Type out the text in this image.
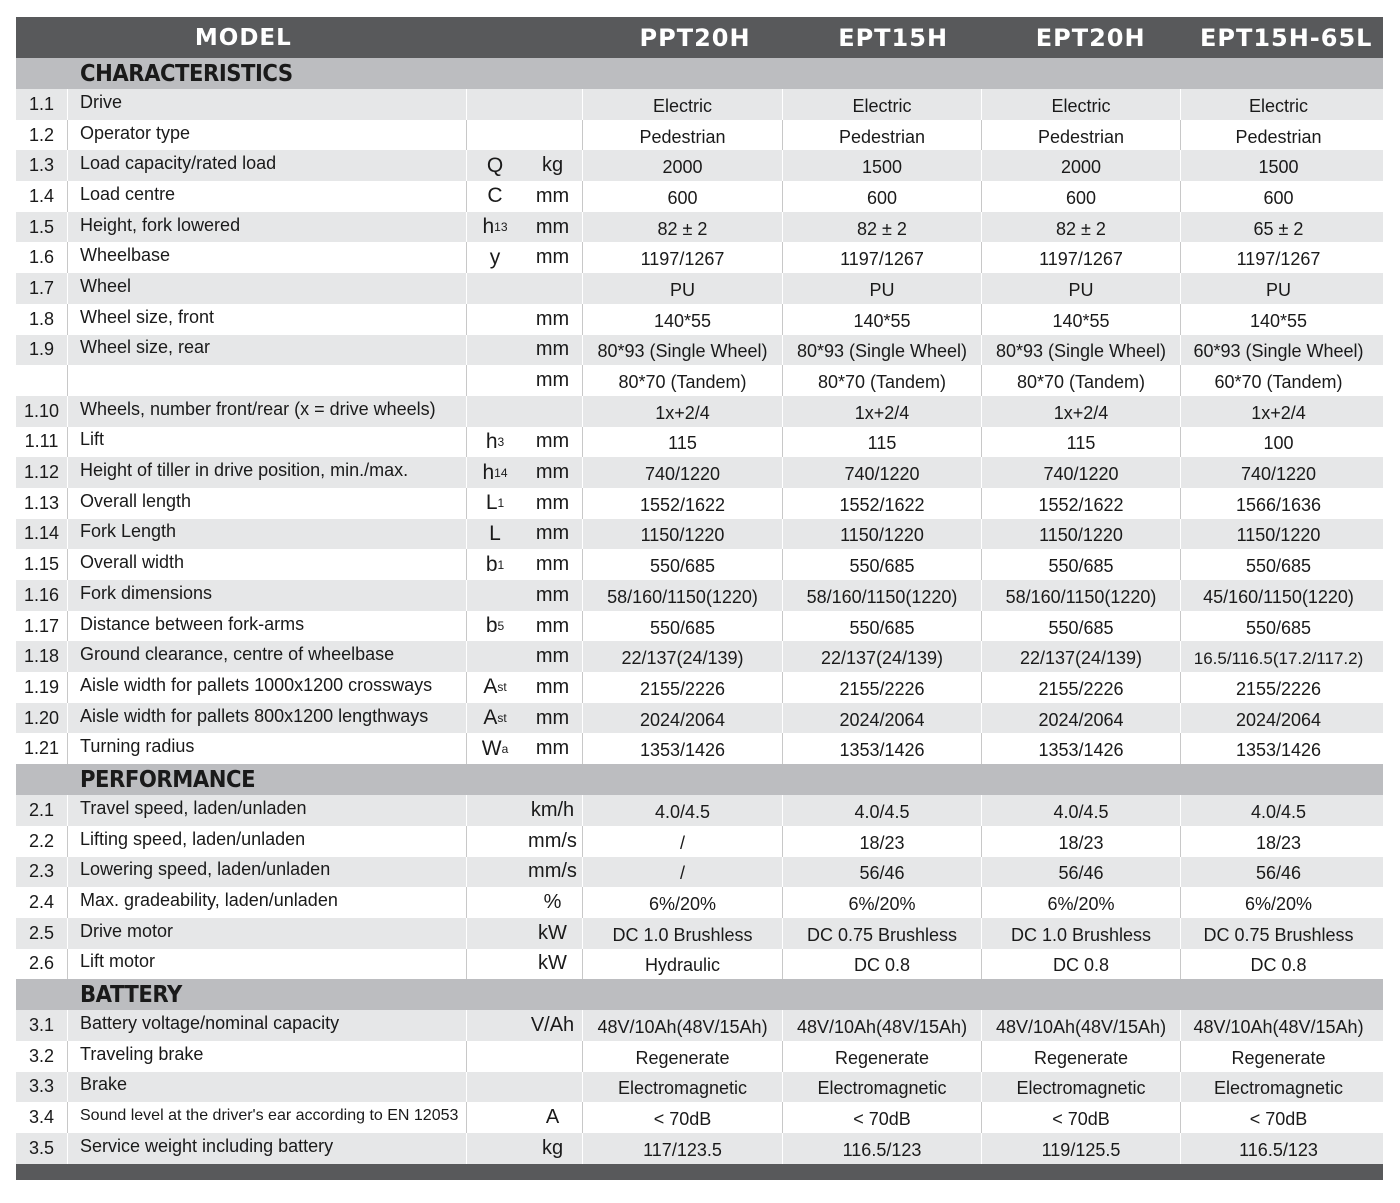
MODEL	PPT20H	EPT15H	EPT20H	EPT15H-65L
CHARACTERISTICS
1.1	Drive	Electric	Electric	Electric	Electric
1.2	Operator type	Pedestrian	Pedestrian	Pedestrian	Pedestrian
1.3	Load capacity/rated load	Q	kg	2000	1500	2000	1500
1.4	Load centre	C	mm	600	600	600	600
1.5	Height, fork lowered	h 13	mm	82 ± 2	82 ± 2	82 ± 2	65 ± 2
1.6	Wheelbase	y	mm	1197/1267	1197/1267	1197/1267	1197/1267
1.7	Wheel	PU	PU	PU	PU
1.8	Wheel size, front	mm	140*55	140*55	140*55	140*55
1.9	Wheel size, rear	mm	80*93 (Single Wheel)	80*93 (Single Wheel)	80*93 (Single Wheel)	60*93 (Single Wheel)
mm	80*70 (Tandem)	80*70 (Tandem)	80*70 (Tandem)	60*70 (Tandem)
1.10	Wheels, number front/rear (x = drive wheels)	1x+2/4	1x+2/4	1x+2/4	1x+2/4
1.11	Lift	h 3	mm	115	115	115	100
1.12	Height of tiller in drive position, min./max.	h 14	mm	740/1220	740/1220	740/1220	740/1220
1.13	Overall length	L 1	mm	1552/1622	1552/1622	1552/1622	1566/1636
1.14	Fork Length	L	mm	1150/1220	1150/1220	1150/1220	1150/1220
1.15	Overall width	b 1	mm	550/685	550/685	550/685	550/685
1.16	Fork dimensions	mm	58/160/1150(1220)	58/160/1150(1220)	58/160/1150(1220)	45/160/1150(1220)
1.17	Distance between fork-arms	b 5	mm	550/685	550/685	550/685	550/685
1.18	Ground clearance, centre of wheelbase	mm	22/137(24/139)	22/137(24/139)	22/137(24/139)	16.5/116.5(17.2/117.2)
1.19	Aisle width for pallets 1000x1200 crossways	A st	mm	2155/2226	2155/2226	2155/2226	2155/2226
1.20	Aisle width for pallets 800x1200 lengthways	A st	mm	2024/2064	2024/2064	2024/2064	2024/2064
1.21	Turning radius	W a	mm	1353/1426	1353/1426	1353/1426	1353/1426
PERFORMANCE
2.1	Travel speed, laden/unladen	km/h	4.0/4.5	4.0/4.5	4.0/4.5	4.0/4.5
2.2	Lifting speed, laden/unladen	mm/s	/	18/23	18/23	18/23
2.3	Lowering speed, laden/unladen	mm/s	/	56/46	56/46	56/46
2.4	Max. gradeability, laden/unladen	%	6%/20%	6%/20%	6%/20%	6%/20%
2.5	Drive motor	kW	DC 1.0 Brushless	DC 0.75 Brushless	DC 1.0 Brushless	DC 0.75 Brushless
2.6	Lift motor	kW	Hydraulic	DC 0.8	DC 0.8	DC 0.8
BATTERY
3.1	Battery voltage/nominal capacity	V/Ah	48V/10Ah(48V/15Ah)	48V/10Ah(48V/15Ah)	48V/10Ah(48V/15Ah)	48V/10Ah(48V/15Ah)
3.2	Traveling brake	Regenerate	Regenerate	Regenerate	Regenerate
3.3	Brake	Electromagnetic	Electromagnetic	Electromagnetic	Electromagnetic
3.4	Sound level at the driver's ear according to EN 12053	A	< 70dB	< 70dB	< 70dB	< 70dB
3.5	Service weight including battery	kg	117/123.5	116.5/123	119/125.5	116.5/123
